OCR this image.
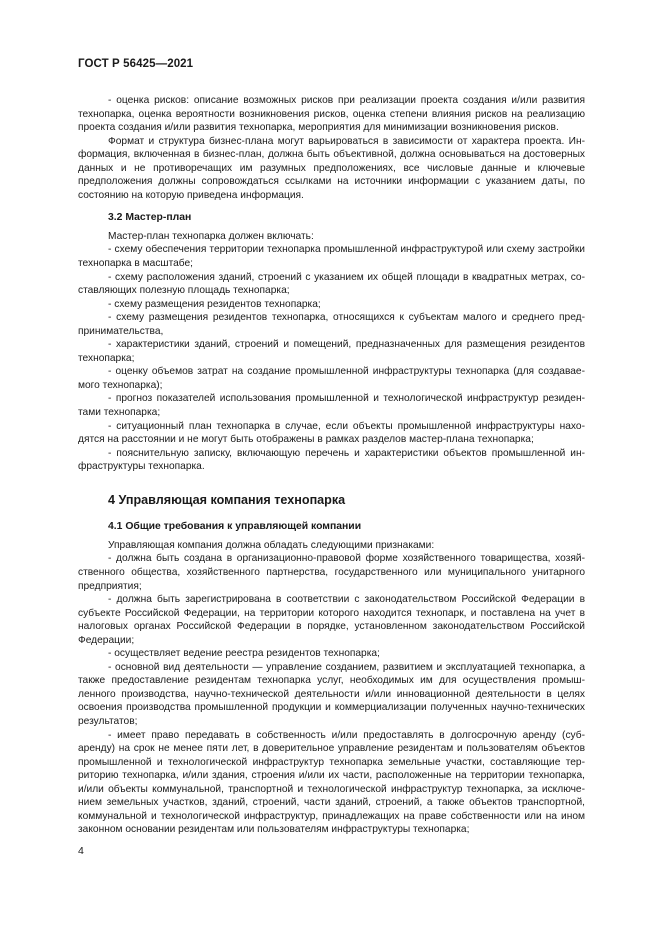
ГОСТ Р 56425—2021

- оценка рисков: описание возможных рисков при реализации проекта создания и/или развития технопарка, оценка вероятности возникновения рисков, оценка степени влияния рисков на реализацию проекта создания и/или развития технопарка, мероприятия для минимизации возникновения рисков.

Формат и структура бизнес-плана могут варьироваться в зависимости от характера проекта. Информация, включенная в бизнес-план, должна быть объективной, должна основываться на достоверных данных и не противоречащих им разумных предположениях, все числовые данные и ключевые предположения должны сопровождаться ссылками на источники информации с указанием даты, по состоянию на которую приведена информация.

3.2 Мастер-план

Мастер-план технопарка должен включать:

- схему обеспечения территории технопарка промышленной инфраструктурой или схему застройки технопарка в масштабе;

- схему расположения зданий, строений с указанием их общей площади в квадратных метрах, составляющих полезную площадь технопарка;

- схему размещения резидентов технопарка;

- схему размещения резидентов технопарка, относящихся к субъектам малого и среднего предпринимательства,

- характеристики зданий, строений и помещений, предназначенных для размещения резидентов технопарка;

- оценку объемов затрат на создание промышленной инфраструктуры технопарка (для создаваемого технопарка);

- прогноз показателей использования промышленной и технологической инфраструктур резидентами технопарка;

- ситуационный план технопарка в случае, если объекты промышленной инфраструктуры находятся на расстоянии и не могут быть отображены в рамках разделов мастер-плана технопарка;

- пояснительную записку, включающую перечень и характеристики объектов промышленной инфраструктуры технопарка.

4 Управляющая компания технопарка
4.1 Общие требования к управляющей компании

Управляющая компания должна обладать следующими признаками:

- должна быть создана в организационно-правовой форме хозяйственного товарищества, хозяйственного общества, хозяйственного партнерства, государственного или муниципального унитарного предприятия;

- должна быть зарегистрирована в соответствии с законодательством Российской Федерации в субъекте Российской Федерации, на территории которого находится технопарк, и поставлена на учет в налоговых органах Российской Федерации в порядке, установленном законодательством Российской Федерации;

- осуществляет ведение реестра резидентов технопарка;

- основной вид деятельности — управление созданием, развитием и эксплуатацией технопарка, а также предоставление резидентам технопарка услуг, необходимых им для осуществления промышленного производства, научно-технической деятельности и/или инновационной деятельности в целях освоения производства промышленной продукции и коммерциализации полученных научно-технических результатов;

- имеет право передавать в собственность и/или предоставлять в долгосрочную аренду (субаренду) на срок не менее пяти лет, в доверительное управление резидентам и пользователям объектов промышленной и технологической инфраструктур технопарка земельные участки, составляющие территорию технопарка, и/или здания, строения и/или их части, расположенные на территории технопарка, и/или объекты коммунальной, транспортной и технологической инфраструктур технопарка, за исключением земельных участков, зданий, строений, части зданий, строений, а также объектов транспортной, коммунальной и технологической инфраструктур, принадлежащих на праве собственности или на ином законном основании резидентам или пользователям инфраструктуры технопарка;

4
